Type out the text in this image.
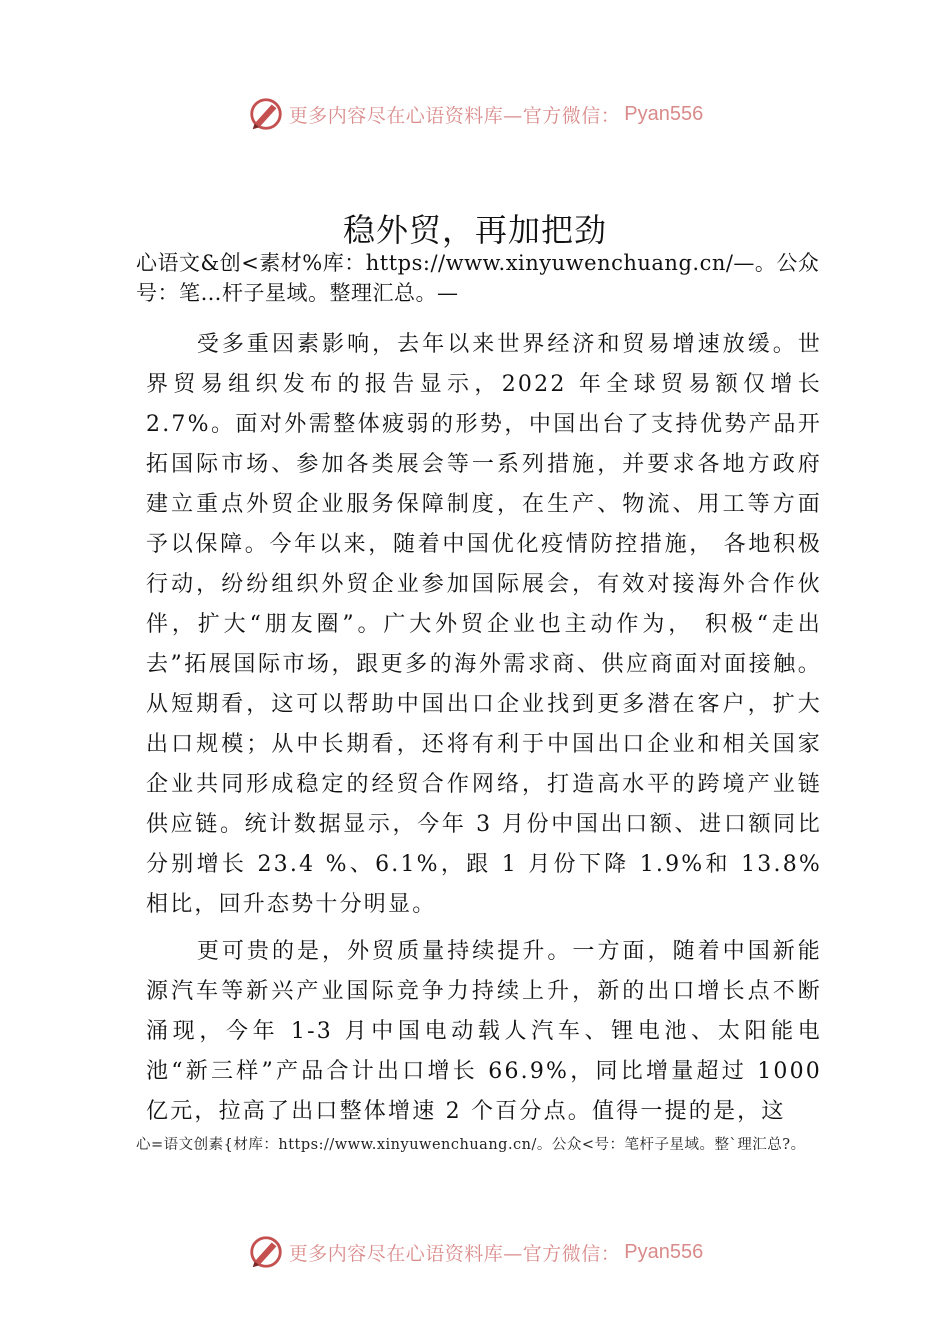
更多内容尽在心语资料库—官方微信： Pyan556
稳外贸，再加把劲
心语文&创<素材%库：https://www.xinyuwenchuang.cn/—。公众号：笔…杆子星域。整理汇总。—
受多重因素影响，去年以来世界经济和贸易增速放缓。世界贸易组织发布的报告显示，2022 年全球贸易额仅增长 2.7%。面对外需整体疲弱的形势，中国出台了支持优势产品开拓国际市场、参加各类展会等一系列措施，并要求各地方政府建立重点外贸企业服务保障制度，在生产、物流、用工等方面予以保障。今年以来，随着中国优化疫情防控措施， 各地积极行动，纷纷组织外贸企业参加国际展会，有效对接海外合作伙伴，扩大“朋友圈”。广大外贸企业也主动作为， 积极“走出去”拓展国际市场，跟更多的海外需求商、供应商面对面接触。从短期看，这可以帮助中国出口企业找到更多潜在客户，扩大出口规模；从中长期看，还将有利于中国出口企业和相关国家企业共同形成稳定的经贸合作网络，打造高水平的跨境产业链供应链。统计数据显示，今年 3 月份中国出口额、进口额同比分别增长 23.4 %、6.1%，跟 1 月份下降 1.9%和 13.8%相比，回升态势十分明显。
更可贵的是，外贸质量持续提升。一方面，随着中国新能源汽车等新兴产业国际竞争力持续上升，新的出口增长点不断涌现，今年 1-3 月中国电动载人汽车、锂电池、太阳能电池“新三样”产品合计出口增长 66.9%，同比增量超过 1000 亿元，拉高了出口整体增速 2 个百分点。值得一提的是，这
心=语文创素{材库：https://www.xinyuwenchuang.cn/。公众<号：笔杆子星域。整`理汇总?。
更多内容尽在心语资料库—官方微信： Pyan556
